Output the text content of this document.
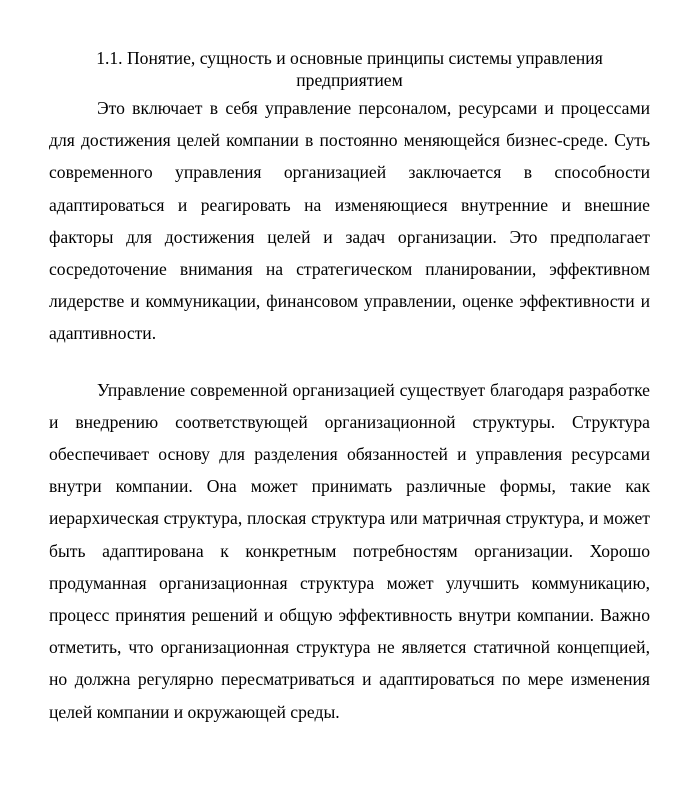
1.1. Понятие, сущность и основные принципы системы управления
предприятием

Это включает в себя управление персоналом, ресурсами и процессами для достижения целей компании в постоянно меняющейся бизнес-среде. Суть современного управления организацией заключается в способности адаптироваться и реагировать на изменяющиеся внутренние и внешние факторы для достижения целей и задач организации. Это предполагает сосредоточение внимания на стратегическом планировании, эффективном лидерстве и коммуникации, финансовом управлении, оценке эффективности и адаптивности.

Управление современной организацией существует благодаря разработке и внедрению соответствующей организационной структуры. Структура обеспечивает основу для разделения обязанностей и управления ресурсами внутри компании. Она может принимать различные формы, такие как иерархическая структура, плоская структура или матричная структура, и может быть адаптирована к конкретным потребностям организации. Хорошо продуманная организационная структура может улучшить коммуникацию, процесс принятия решений и общую эффективность внутри компании. Важно отметить, что организационная структура не является статичной концепцией, но должна регулярно пересматриваться и адаптироваться по мере изменения целей компании и окружающей среды.
